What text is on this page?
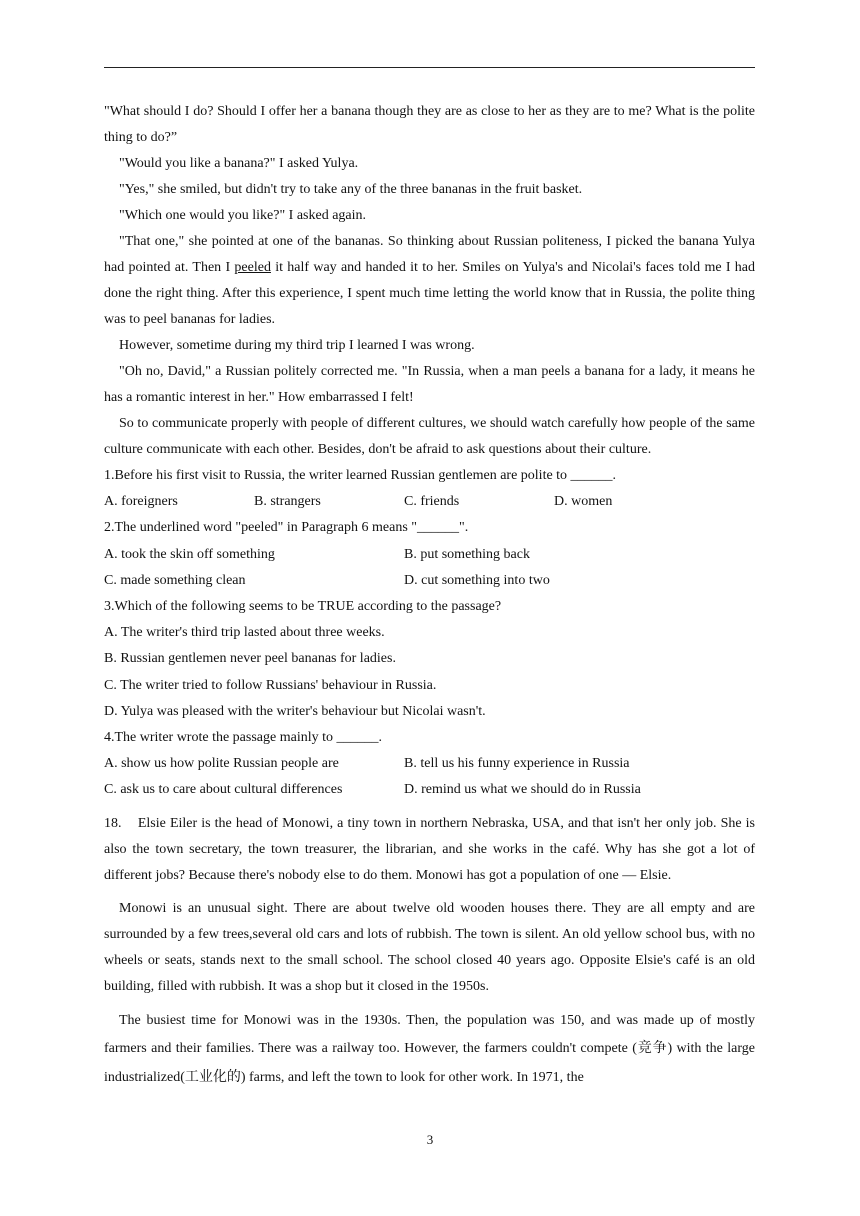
"What should I do? Should I offer her a banana though they are as close to her as they are to me? What is the polite thing to do?”

"Would you like a banana?" I asked Yulya.

"Yes," she smiled, but didn't try to take any of the three bananas in the fruit basket.

"Which one would you like?" I asked again.

"That one," she pointed at one of the bananas. So thinking about Russian politeness, I picked the banana Yulya had pointed at. Then I peeled it half way and handed it to her. Smiles on Yulya's and Nicolai's faces told me I had done the right thing. After this experience, I spent much time letting the world know that in Russia, the polite thing was to peel bananas for ladies.

However, sometime during my third trip I learned I was wrong.

"Oh no, David," a Russian politely corrected me. "In Russia, when a man peels a banana for a lady, it means he has a romantic interest in her." How embarrassed I felt!

So to communicate properly with people of different cultures, we should watch carefully how people of the same culture communicate with each other. Besides, don't be afraid to ask questions about their culture.

1.Before his first visit to Russia, the writer learned Russian gentlemen are polite to ______.

A. foreigners	B. strangers	C. friends	D. women

2.The underlined word "peeled" in Paragraph 6 means "______".

A. took the skin off something	B. put something back
C. made something clean	D. cut something into two

3.Which of the following seems to be TRUE according to the passage?

A. The writer's third trip lasted about three weeks.

B. Russian gentlemen never peel bananas for ladies.

C. The writer tried to follow Russians' behaviour in Russia.

D. Yulya was pleased with the writer's behaviour but Nicolai wasn't.

4.The writer wrote the passage mainly to ______.

A. show us how polite Russian people are	B. tell us his funny experience in Russia
C. ask us to care about cultural differences	D. remind us what we should do in Russia

18. Elsie Eiler is the head of Monowi, a tiny town in northern Nebraska, USA, and that isn't her only job. She is also the town secretary, the town treasurer, the librarian, and she works in the café. Why has she got a lot of different jobs? Because there's nobody else to do them. Monowi has got a population of one — Elsie.

Monowi is an unusual sight. There are about twelve old wooden houses there. They are all empty and are surrounded by a few trees,several old cars and lots of rubbish. The town is silent. An old yellow school bus, with no wheels or seats, stands next to the small school. The school closed 40 years ago. Opposite Elsie's café is an old building, filled with rubbish. It was a shop but it closed in the 1950s.

The busiest time for Monowi was in the 1930s. Then, the population was 150, and was made up of mostly farmers and their families. There was a railway too. However, the farmers couldn't compete (竞争) with the large industrialized(工业化的) farms, and left the town to look for other work. In 1971, the

3
